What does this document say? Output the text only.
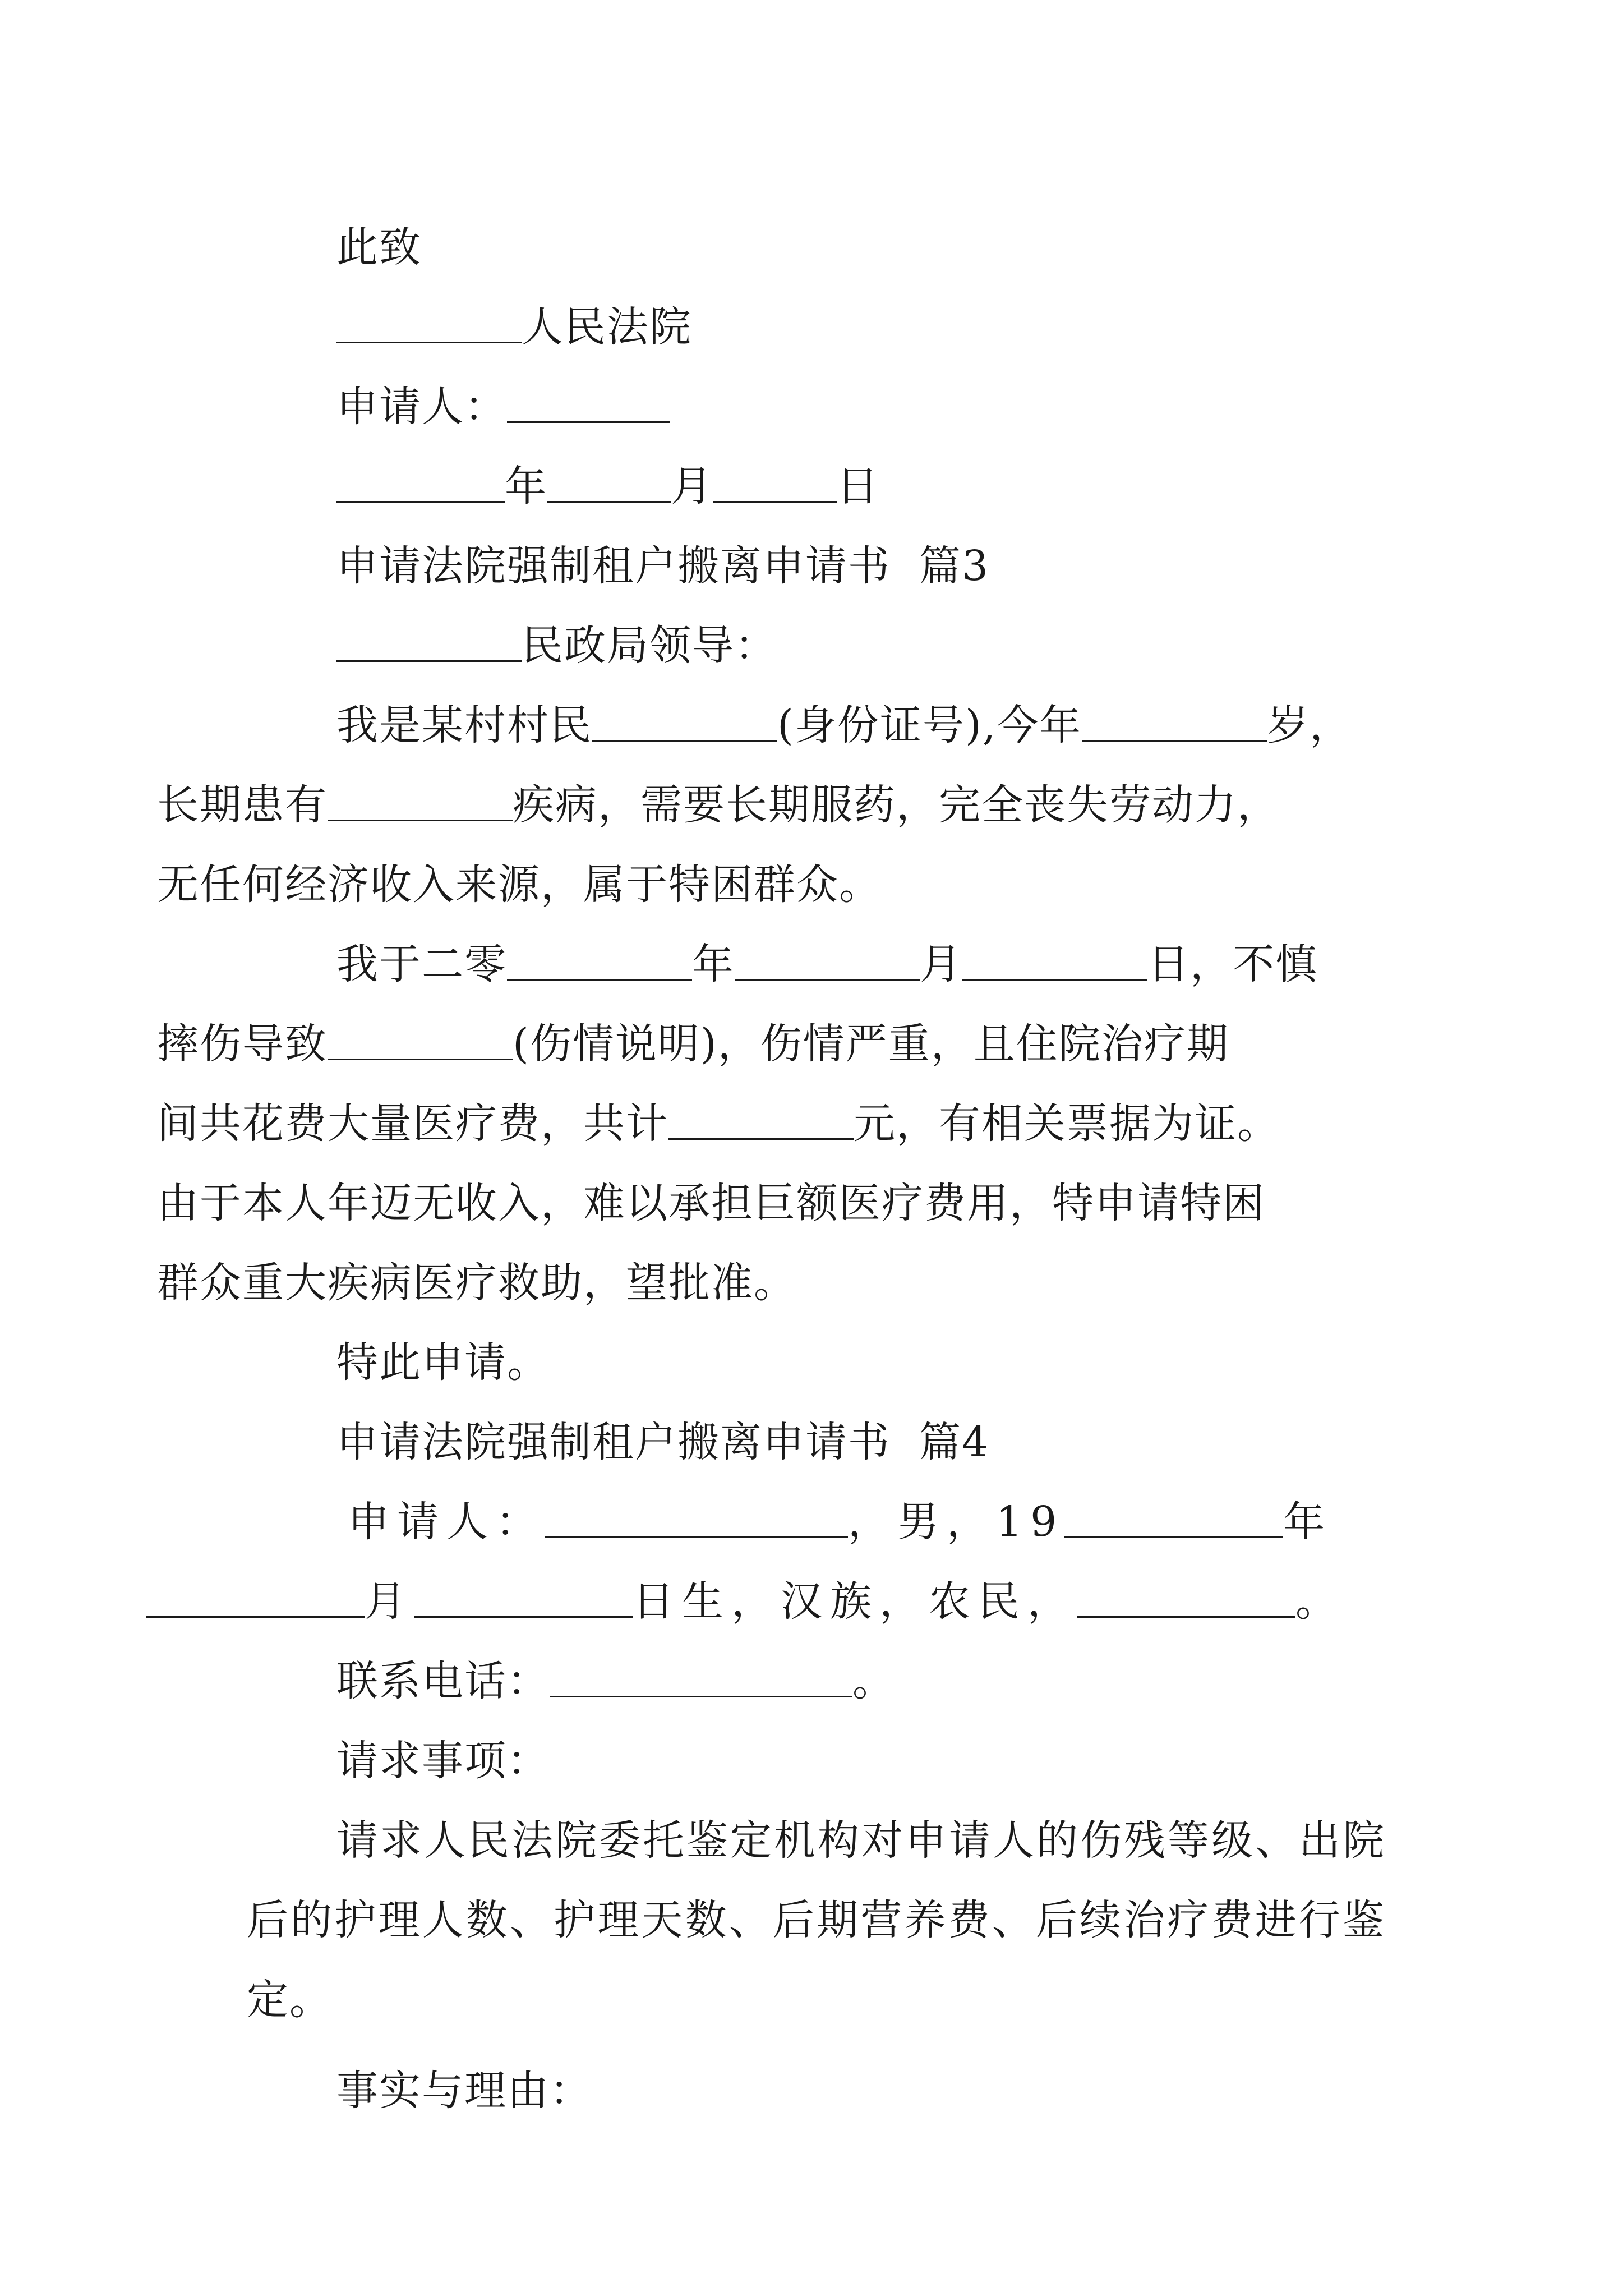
此致

人民法院

申请人：

年	月	日

申请法院强制租户搬离申请书  篇3

民政局领导：

我是某村村民	(身份证号),今年	岁，
长期患有	疾病，需要长期服药，完全丧失劳动力，
无任何经济收入来源，属于特困群众。

我于二零	年	月	日，不慎
摔伤导致	(伤情说明)，伤情严重，且住院治疗期
间共花费大量医疗费，共计	元，有相关票据为证。
由于本人年迈无收入，难以承担巨额医疗费用，特申请特困
群众重大疾病医疗救助，望批准。

特此申请。

申请法院强制租户搬离申请书  篇4

申请人：	，男，19	年
月	日生，汉族，农民，	。

联系电话：	。

请求事项：

请求人民法院委托鉴定机构对申请人的伤残等级、出院后的护理人数、护理天数、后期营养费、后续治疗费进行鉴定。

事实与理由：
